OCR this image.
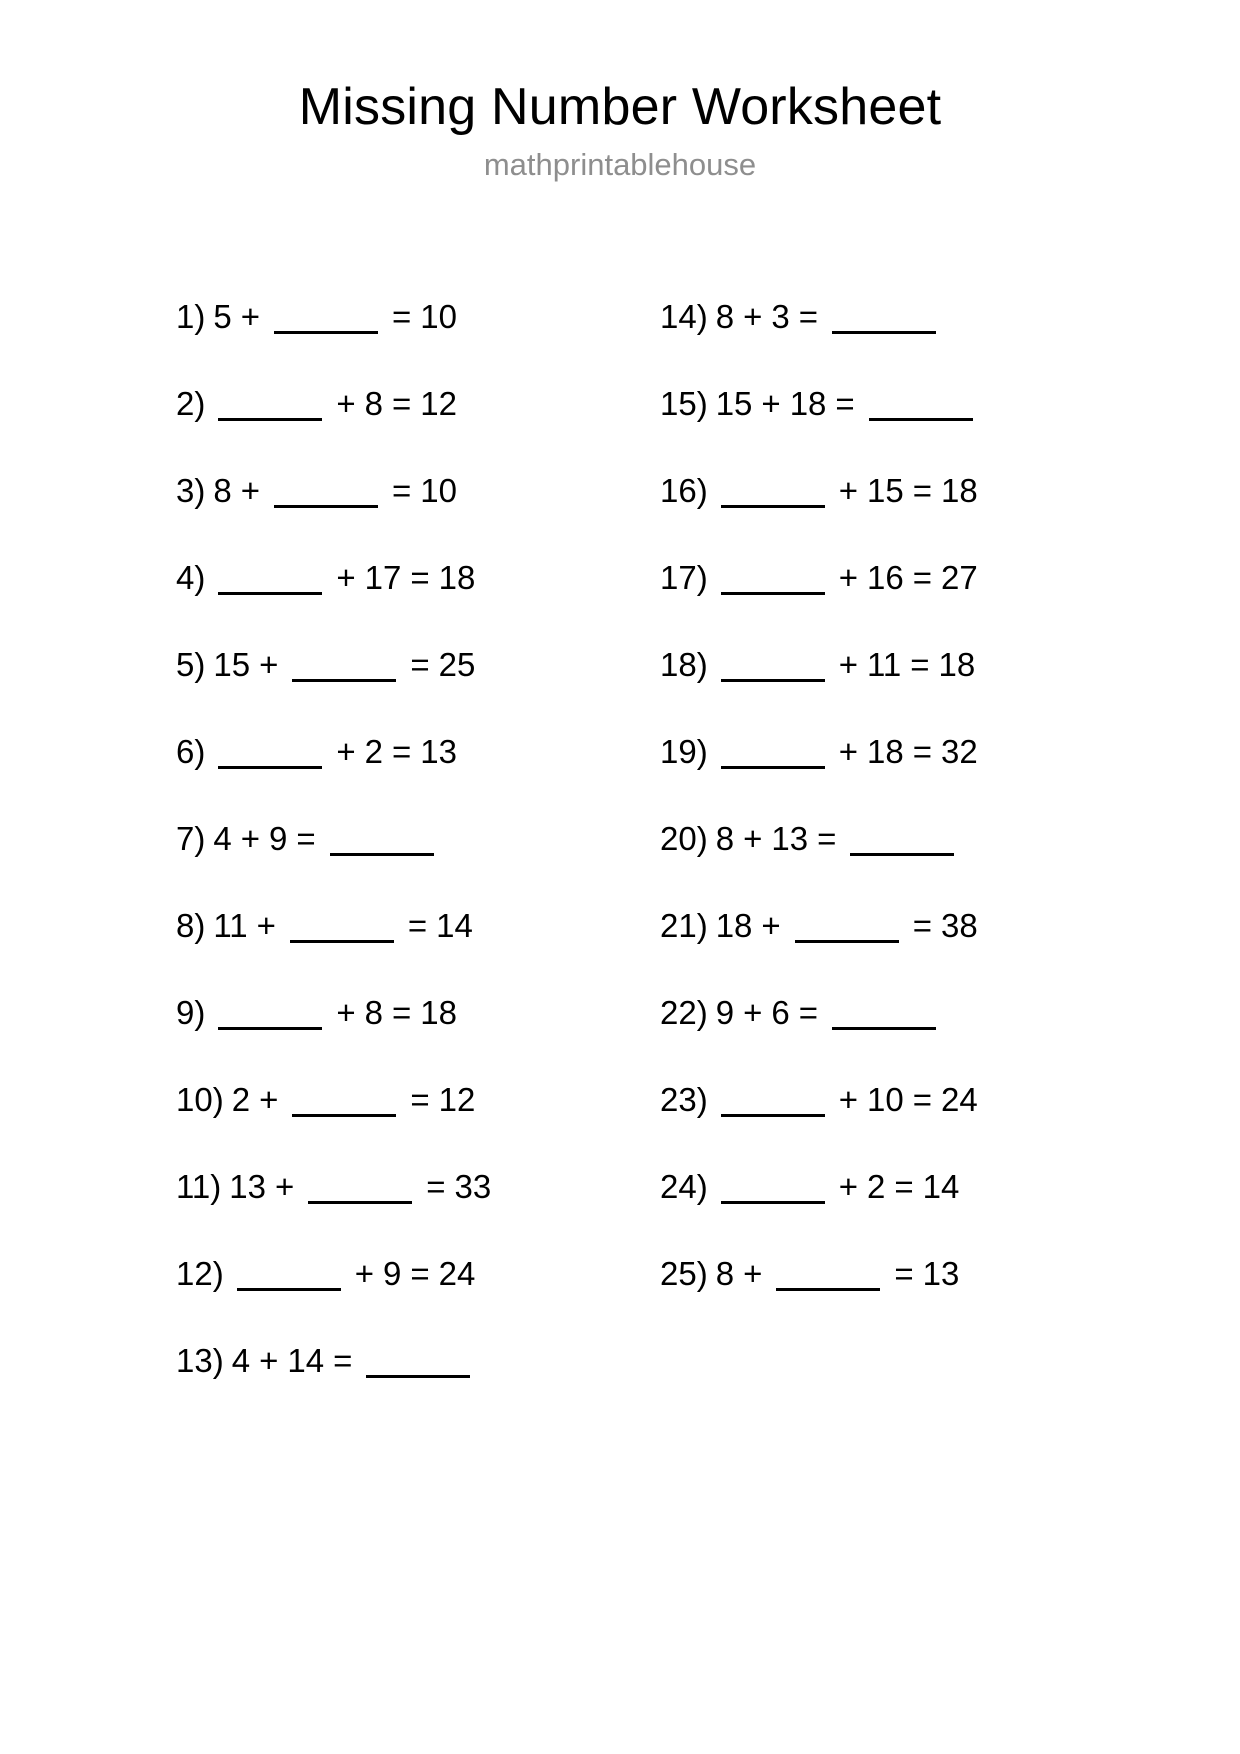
Missing Number Worksheet
mathprintablehouse
1) 5 +	= 10
2)	+ 8 = 12
3) 8 +	= 10
4)	+ 17 = 18
5) 15 +	= 25
6)	+ 2 = 13
7) 4 + 9 =
8) 11 +	= 14
9)	+ 8 = 18
10) 2 +	= 12
11) 13 +	= 33
12)	+ 9 = 24
13) 4 + 14 =
14) 8 + 3 =
15) 15 + 18 =
16)	+ 15 = 18
17)	+ 16 = 27
18)	+ 11 = 18
19)	+ 18 = 32
20) 8 + 13 =
21) 18 +	= 38
22) 9 + 6 =
23)	+ 10 = 24
24)	+ 2 = 14
25) 8 +	= 13
